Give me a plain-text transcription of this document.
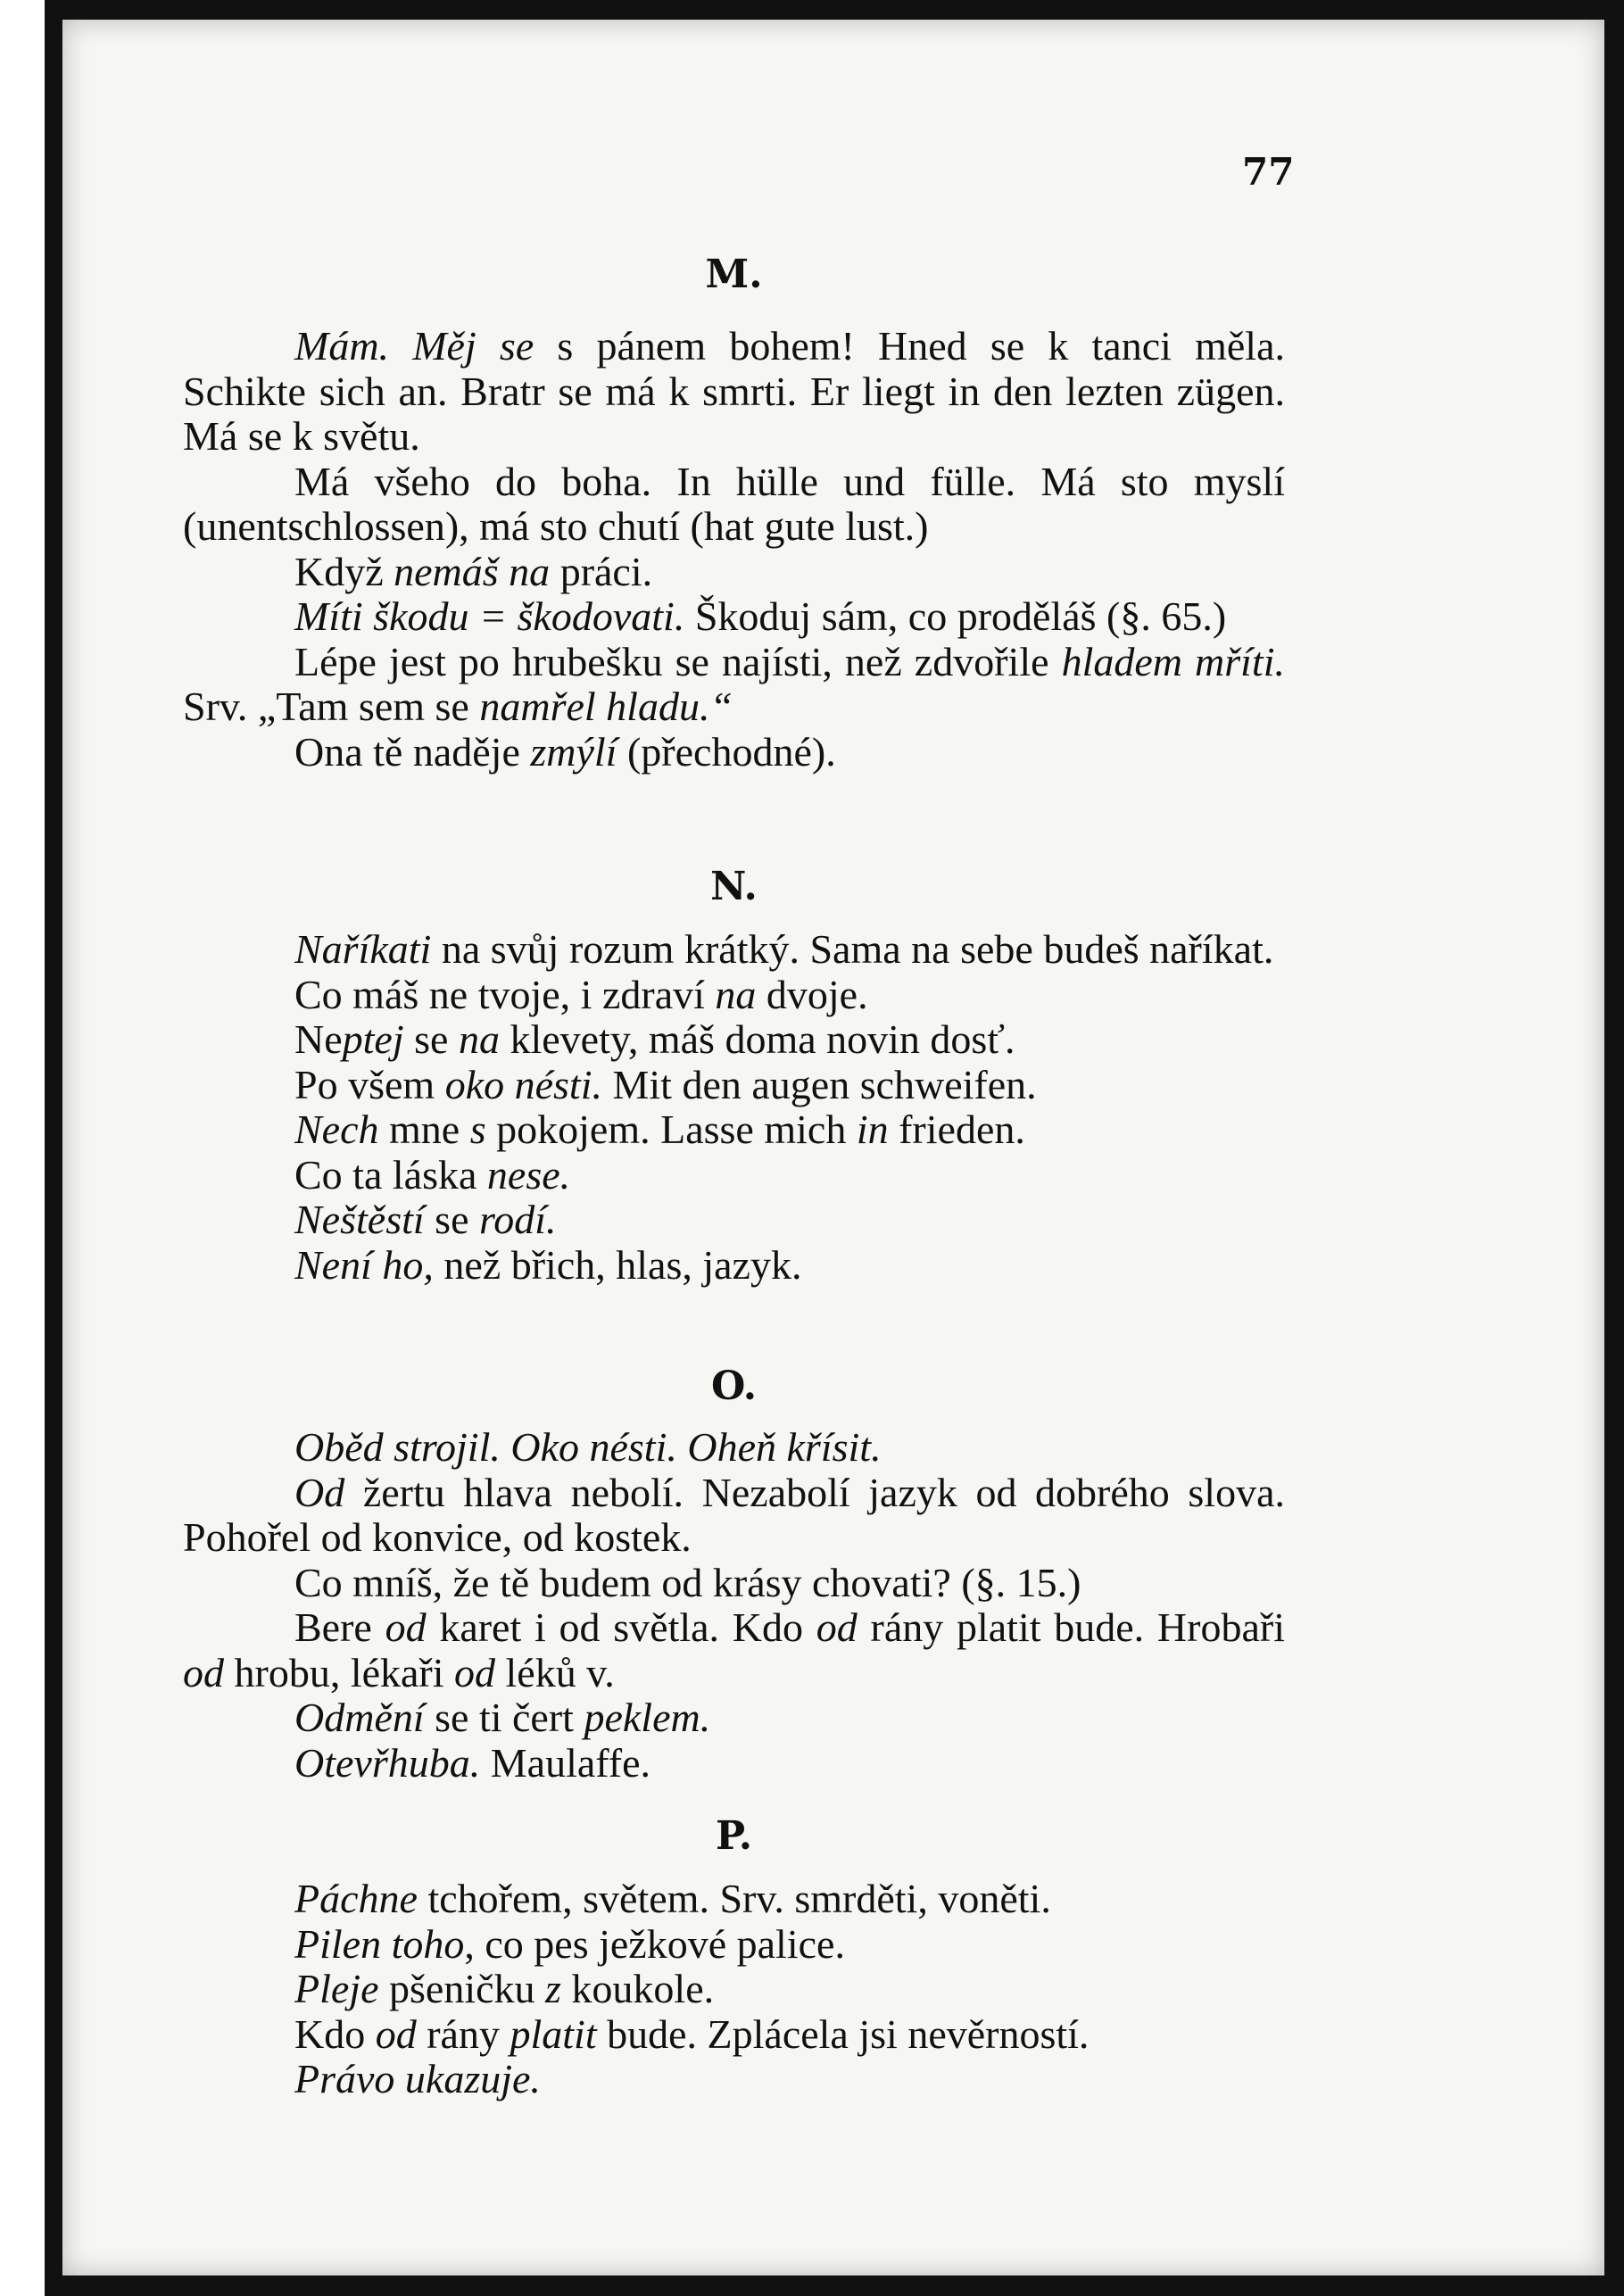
77
M.
Mám. Měj se s pánem bohem! Hned se k tanci měla. Schikte sich an. Bratr se má k smrti. Er liegt in den lezten zügen. Má se k světu.
Má všeho do boha. In hülle und fülle. Má sto myslí (unentschlossen), má sto chutí (hat gute lust.)
Když nemáš na práci.
Míti škodu = škodovati. Škoduj sám, co proděláš (§. 65.)
Lépe jest po hrubešku se najísti, než zdvořile hladem mříti. Srv. „Tam sem se namřel hladu.“
Ona tě naděje zmýlí (přechodné).
N.
Naříkati na svůj rozum krátký. Sama na sebe budeš naříkat.
Co máš ne tvoje, i zdraví na dvoje.
Neptej se na klevety, máš doma novin dosť.
Po všem oko nésti. Mit den augen schweifen.
Nech mne s pokojem. Lasse mich in frieden.
Co ta láska nese.
Neštěstí se rodí.
Není ho, než břich, hlas, jazyk.
O.
Oběd strojil. Oko nésti. Oheň křísit.
Od žertu hlava nebolí. Nezabolí jazyk od dobrého slova. Pohořel od konvice, od kostek.
Co mníš, že tě budem od krásy chovati? (§. 15.)
Bere od karet i od světla. Kdo od rány platit bude. Hrobaři od hrobu, lékaři od léků v.
Odmění se ti čert peklem.
Otevřhuba. Maulaffe.
P.
Páchne tchořem, světem. Srv. smrděti, voněti.
Pilen toho, co pes ježkové palice.
Pleje pšeničku z koukole.
Kdo od rány platit bude. Zplácela jsi nevěrností.
Právo ukazuje.
